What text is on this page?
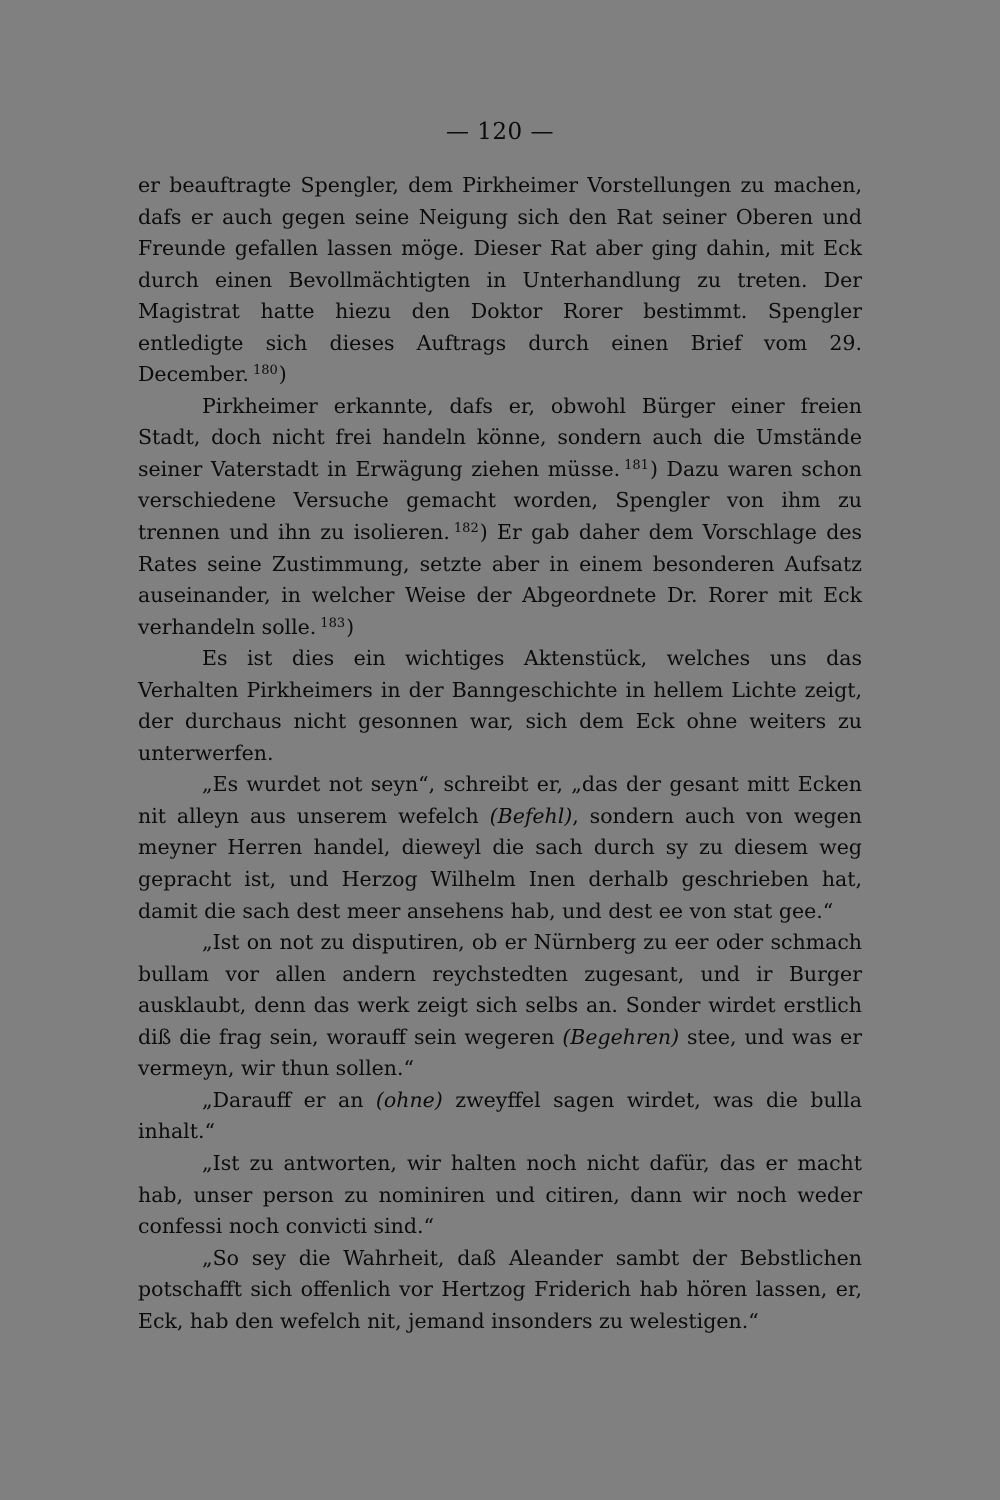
— 120 —

er beauftragte Spengler, dem Pirkheimer Vorstellungen zu machen, dafs er auch gegen seine Neigung sich den Rat seiner Oberen und Freunde gefallen lassen möge. Dieser Rat aber ging dahin, mit Eck durch einen Bevollmächtigten in Unterhandlung zu treten. Der Magistrat hatte hiezu den Doktor Rorer bestimmt. Spengler entledigte sich dieses Auftrags durch einen Brief vom 29. December. $^{180}$)

Pirkheimer erkannte, dafs er, obwohl Bürger einer freien Stadt, doch nicht frei handeln könne, sondern auch die Umstände seiner Vaterstadt in Erwägung ziehen müsse. $^{181}$) Dazu waren schon verschiedene Versuche gemacht worden, Spengler von ihm zu trennen und ihn zu isolieren. $^{182}$) Er gab daher dem Vorschlage des Rates seine Zustimmung, setzte aber in einem besonderen Aufsatz auseinander, in welcher Weise der Abgeordnete Dr. Rorer mit Eck verhandeln solle. $^{183}$)

Es ist dies ein wichtiges Aktenstück, welches uns das Verhalten Pirkheimers in der Banngeschichte in hellem Lichte zeigt, der durchaus nicht gesonnen war, sich dem Eck ohne weiters zu unterwerfen.

„Es wurdet not seyn“, schreibt er, „das der gesant mitt Ecken nit alleyn aus unserem wefelch (Befehl), sondern auch von wegen meyner Herren handel, dieweyl die sach durch sy zu diesem weg gepracht ist, und Herzog Wilhelm Inen derhalb geschrieben hat, damit die sach dest meer ansehens hab, und dest ee von stat gee.“

„Ist on not zu disputiren, ob er Nürnberg zu eer oder schmach bullam vor allen andern reychstedten zugesant, und ir Burger ausklaubt, denn das werk zeigt sich selbs an. Sonder wirdet erstlich diß die frag sein, worauff sein wegeren (Begehren) stee, und was er vermeyn, wir thun sollen.“

„Darauff er an (ohne) zweyffel sagen wirdet, was die bulla inhalt.“

„Ist zu antworten, wir halten noch nicht dafür, das er macht hab, unser person zu nominiren und citiren, dann wir noch weder confessi noch convicti sind.“

„So sey die Wahrheit, daß Aleander sambt der Bebstlichen potschafft sich offenlich vor Hertzog Friderich hab hören lassen, er, Eck, hab den wefelch nit, jemand insonders zu welestigen.“
